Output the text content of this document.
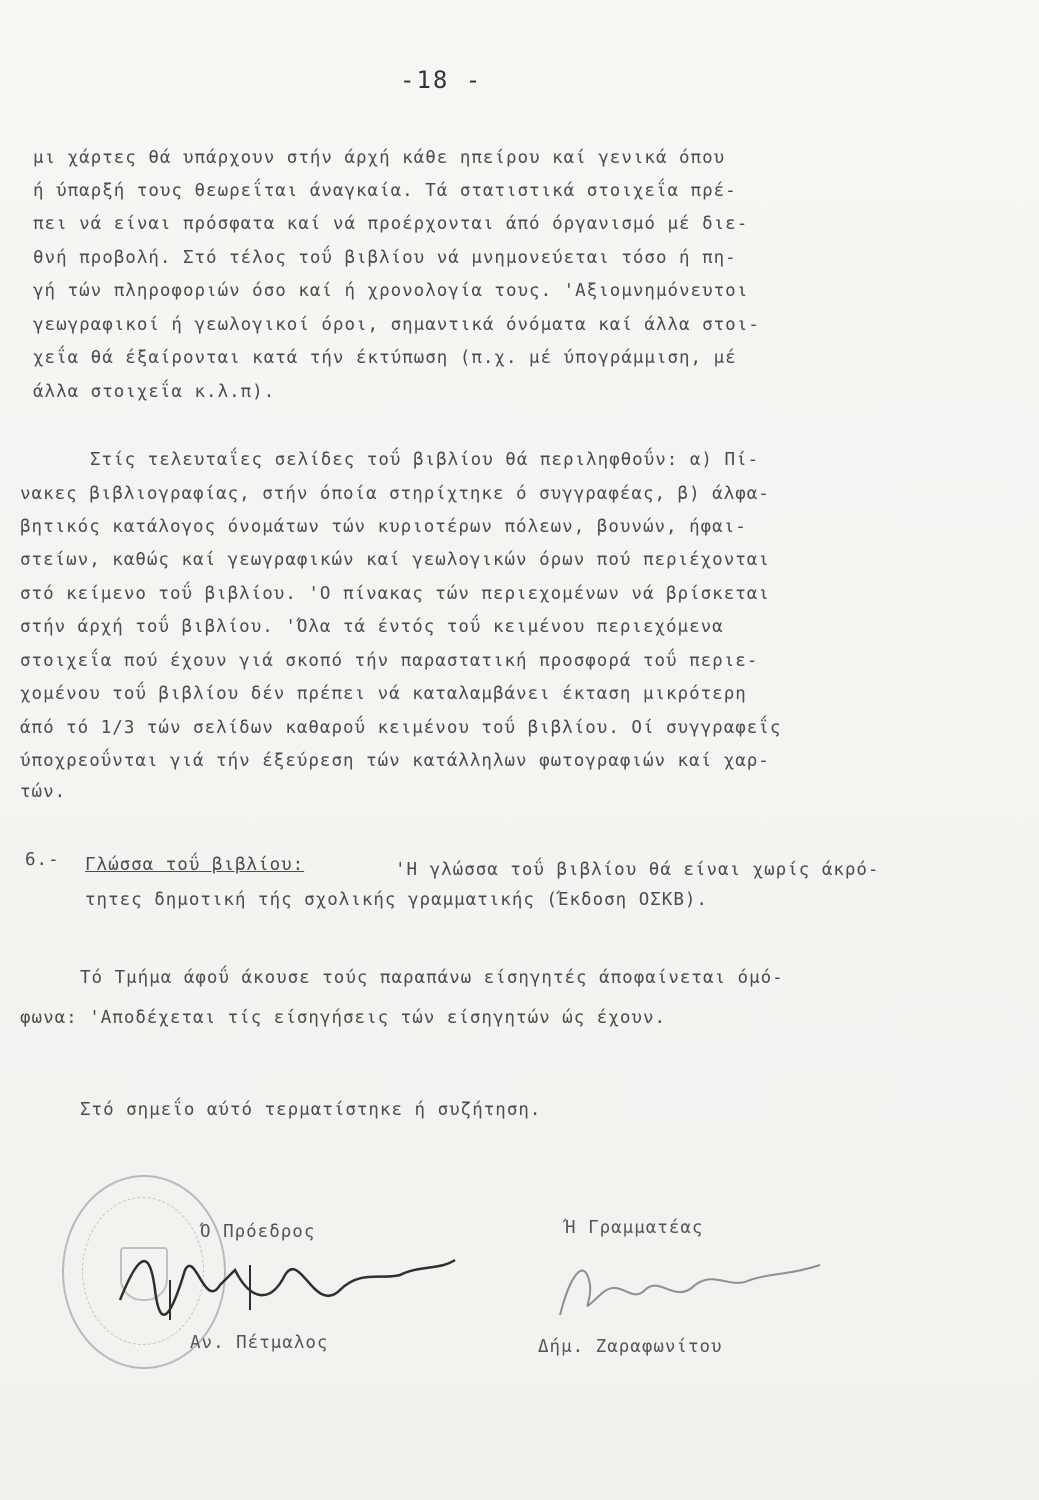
-18 -
μι χάρτες θά υπάρχουν στήν άρχή κάθε ηπείρου καί γενικά όπου
ή ύπαρξή τους θεωρεΐται άναγκαία. Τά στατιστικά στοιχεΐα πρέ-
πει νά είναι πρόσφατα καί νά προέρχονται άπό όργανισμό μέ διε-
θνή προβολή. Στό τέλος τοΰ βιβλίου νά μνημονεύεται τόσο ή πη-
γή τών πληροφοριών όσο καί ή χρονολογία τους. 'Αξιομνημόνευτοι
γεωγραφικοί ή γεωλογικοί όροι, σημαντικά όνόματα καί άλλα στοι-
χεΐα θά έξαίρονται κατά τήν έκτύπωση (π.χ. μέ ύπογράμμιση, μέ
άλλα στοιχεΐα κ.λ.π).
Στίς τελευταΐες σελίδες τοΰ βιβλίου θά περιληφθοΰν: α) Πί-
νακες βιβλιογραφίας, στήν όποία στηρίχτηκε ό συγγραφέας, β) άλφα-
βητικός κατάλογος όνομάτων τών κυριοτέρων πόλεων, βουνών, ήφαι-
στείων, καθώς καί γεωγραφικών καί γεωλογικών όρων πού περιέχονται
στό κείμενο τοΰ βιβλίου. 'Ο πίνακας τών περιεχομένων νά βρίσκεται
στήν άρχή τοΰ βιβλίου. 'Όλα τά έντός τοΰ κειμένου περιεχόμενα
στοιχεΐα πού έχουν γιά σκοπό τήν παραστατική προσφορά τοΰ περιε-
χομένου τοΰ βιβλίου δέν πρέπει νά καταλαμβάνει έκταση μικρότερη
άπό τό 1/3 τών σελίδων καθαροΰ κειμένου τοΰ βιβλίου. Οί συγγραφεΐς
ύποχρεοΰνται γιά τήν έξεύρεση τών κατάλληλων φωτογραφιών καί χαρ-
τών.
6.- Γλώσσα τοΰ βιβλίου:	'Η γλώσσα τοΰ βιβλίου θά είναι χωρίς άκρό-
τητες δημοτική τής σχολικής γραμματικής (Έκδοση ΟΣΚΒ).
Τό Τμήμα άφοΰ άκουσε τούς παραπάνω είσηγητές άποφαίνεται όμό-
φωνα: 'Αποδέχεται τίς είσηγήσεις τών είσηγητών ώς έχουν.
Στό σημεΐο αύτό τερματίστηκε ή συζήτηση.
Ό Πρόεδρος
Αν. Πέτμαλος
Ή Γραμματέας
Δήμ. Ζαραφωνίτου
